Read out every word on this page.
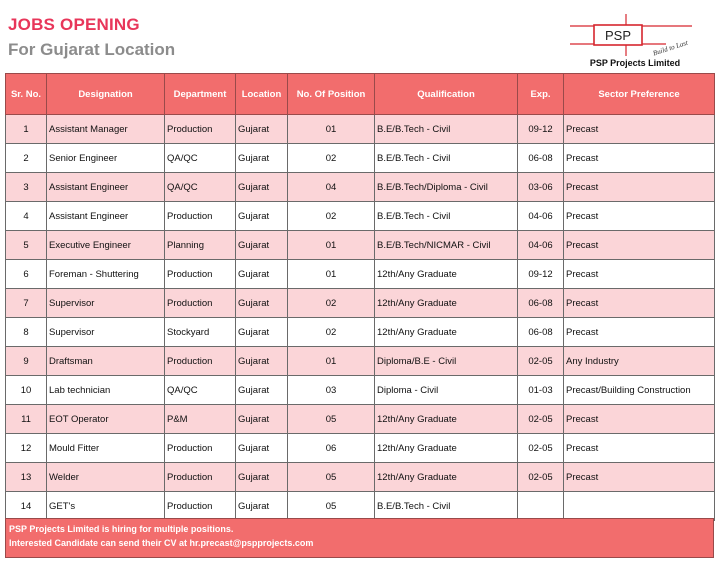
JOBS OPENING
For Gujarat Location
PSP
Build to Last
PSP Projects Limited
Sr. No.	Designation	Department	Location	No. Of Position	Qualification	Exp.	Sector Preference
1	Assistant Manager	Production	Gujarat	01	B.E/B.Tech - Civil	09-12	Precast
2	Senior Engineer	QA/QC	Gujarat	02	B.E/B.Tech - Civil	06-08	Precast
3	Assistant Engineer	QA/QC	Gujarat	04	B.E/B.Tech/Diploma - Civil	03-06	Precast
4	Assistant Engineer	Production	Gujarat	02	B.E/B.Tech - Civil	04-06	Precast
5	Executive Engineer	Planning	Gujarat	01	B.E/B.Tech/NICMAR - Civil	04-06	Precast
6	Foreman - Shuttering	Production	Gujarat	01	12th/Any Graduate	09-12	Precast
7	Supervisor	Production	Gujarat	02	12th/Any Graduate	06-08	Precast
8	Supervisor	Stockyard	Gujarat	02	12th/Any Graduate	06-08	Precast
9	Draftsman	Production	Gujarat	01	Diploma/B.E - Civil	02-05	Any Industry
10	Lab technician	QA/QC	Gujarat	03	Diploma - Civil	01-03	Precast/Building Construction
11	EOT Operator	P&M	Gujarat	05	12th/Any Graduate	02-05	Precast
12	Mould Fitter	Production	Gujarat	06	12th/Any Graduate	02-05	Precast
13	Welder	Production	Gujarat	05	12th/Any Graduate	02-05	Precast
14	GET's	Production	Gujarat	05	B.E/B.Tech - Civil		
PSP Projects Limited is hiring for multiple positions.
Interested Candidate can send their CV at hr.precast@pspprojects.com
